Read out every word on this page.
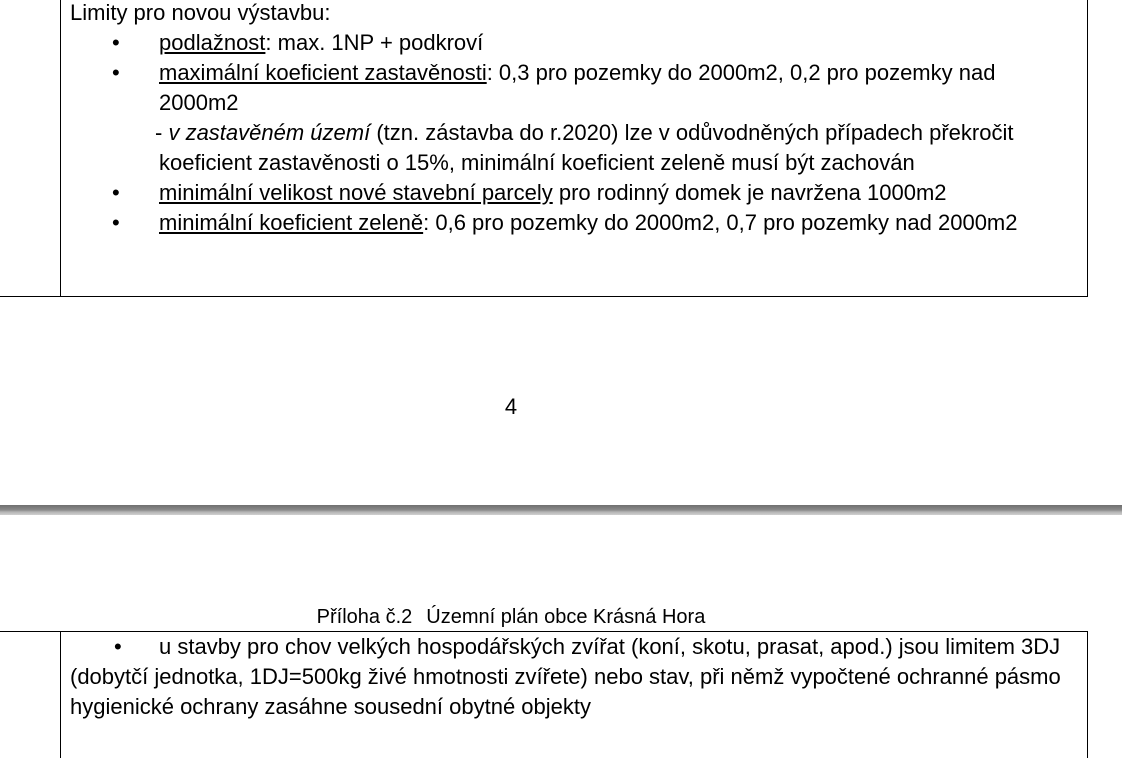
Limity pro novou výstavbu:
• podlažnost: max. 1NP + podkroví
• maximální koeficient zastavěnosti: 0,3 pro pozemky do 2000m2, 0,2 pro pozemky nad 2000m2
- v zastavěném území (tzn. zástavba do r.2020) lze v odůvodněných případech překročit koeficient zastavěnosti o 15%, minimální koeficient zeleně musí být zachován
• minimální velikost nové stavební parcely pro rodinný domek je navržena 1000m2
• minimální koeficient zeleně: 0,6 pro pozemky do 2000m2, 0,7 pro pozemky nad 2000m2
4
Příloha č.2 Územní plán obce Krásná Hora
• u stavby pro chov velkých hospodářských zvířat (koní, skotu, prasat, apod.) jsou limitem 3DJ (dobytčí jednotka, 1DJ=500kg živé hmotnosti zvířete) nebo stav, při němž vypočtené ochranné pásmo hygienické ochrany zasáhne sousední obytné objekty
